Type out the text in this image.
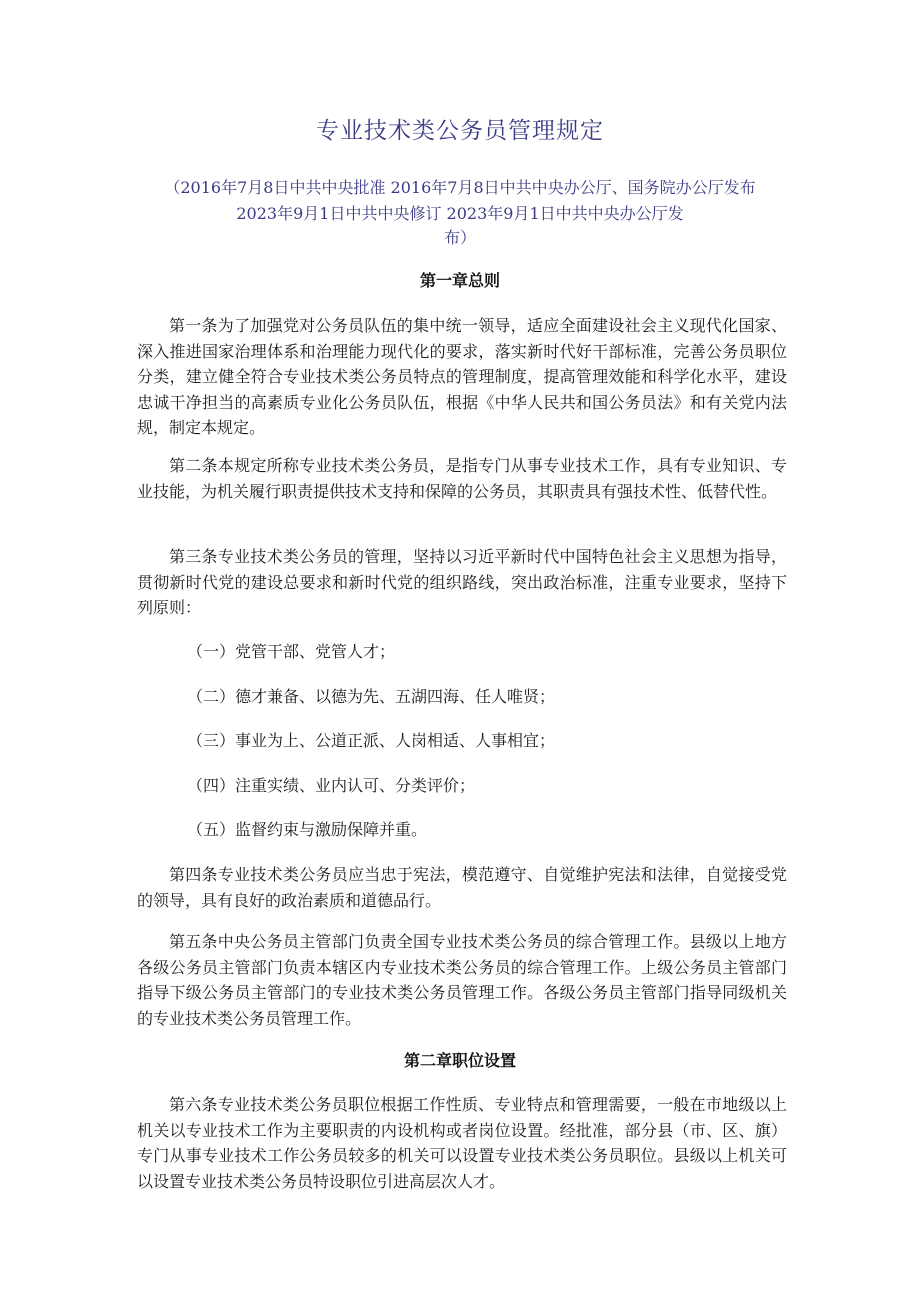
专业技术类公务员管理规定

（2016年7月8日中共中央批准 2016年7月8日中共中央办公厅、国务院办公厅发布

2023年9月1日中共中央修订 2023年9月1日中共中央办公厅发

布）

第一章总则

第一条为了加强党对公务员队伍的集中统一领导，适应全面建设社会主义现代化国家、深入推进国家治理体系和治理能力现代化的要求，落实新时代好干部标准，完善公务员职位分类，建立健全符合专业技术类公务员特点的管理制度，提高管理效能和科学化水平，建设忠诚干净担当的高素质专业化公务员队伍，根据《中华人民共和国公务员法》和有关党内法规，制定本规定。

第二条本规定所称专业技术类公务员，是指专门从事专业技术工作，具有专业知识、专业技能，为机关履行职责提供技术支持和保障的公务员，其职责具有强技术性、低替代性。

第三条专业技术类公务员的管理，坚持以习近平新时代中国特色社会主义思想为指导，贯彻新时代党的建设总要求和新时代党的组织路线，突出政治标准，注重专业要求，坚持下列原则：

（一）党管干部、党管人才；

（二）德才兼备、以德为先、五湖四海、任人唯贤；

（三）事业为上、公道正派、人岗相适、人事相宜；

（四）注重实绩、业内认可、分类评价；

（五）监督约束与激励保障并重。

第四条专业技术类公务员应当忠于宪法，模范遵守、自觉维护宪法和法律，自觉接受党的领导，具有良好的政治素质和道德品行。

第五条中央公务员主管部门负责全国专业技术类公务员的综合管理工作。县级以上地方各级公务员主管部门负责本辖区内专业技术类公务员的综合管理工作。上级公务员主管部门指导下级公务员主管部门的专业技术类公务员管理工作。各级公务员主管部门指导同级机关的专业技术类公务员管理工作。

第二章职位设置

第六条专业技术类公务员职位根据工作性质、专业特点和管理需要，一般在市地级以上机关以专业技术工作为主要职责的内设机构或者岗位设置。经批准，部分县（市、区、旗）专门从事专业技术工作公务员较多的机关可以设置专业技术类公务员职位。县级以上机关可以设置专业技术类公务员特设职位引进高层次人才。
